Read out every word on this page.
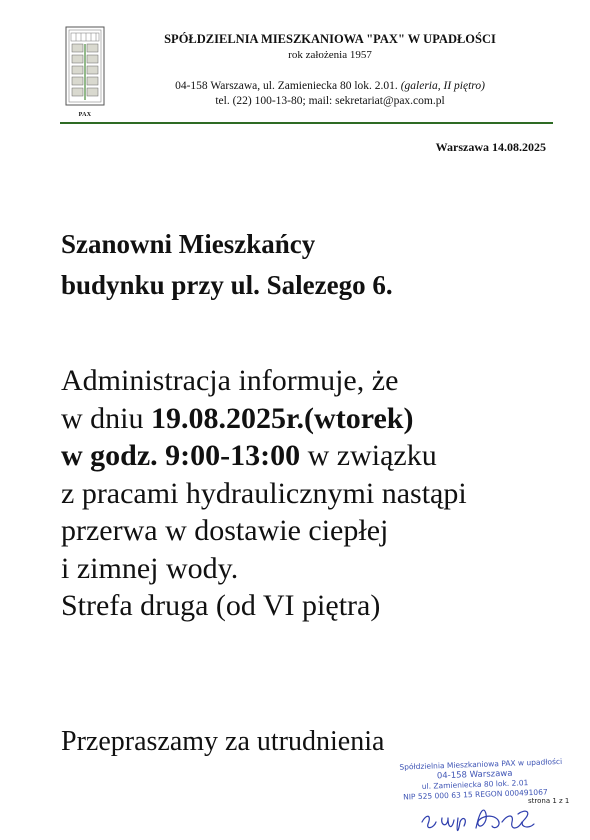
PAX
SPÓŁDZIELNIA MIESZKANIOWA "PAX" W UPADŁOŚCI
rok założenia 1957
04-158 Warszawa, ul. Zamieniecka 80 lok. 2.01. (galeria, II piętro)
tel. (22) 100-13-80; mail: sekretariat@pax.com.pl
Warszawa 14.08.2025
Szanowni Mieszkańcy
budynku przy ul. Salezego 6.
Administracja informuje, że
w dniu 19.08.2025r.(wtorek)
w godz. 9:00-13:00 w związku
z pracami hydraulicznymi nastąpi
przerwa w dostawie ciepłej
i zimnej wody.
Strefa druga (od VI piętra)
Przepraszamy za utrudnienia
Spółdzielnia Mieszkaniowa PAX w upadłości
04-158 Warszawa
ul. Zamieniecka 80 lok. 2.01
NIP 525 000 63 15 REGON 000491067
strona 1 z 1
